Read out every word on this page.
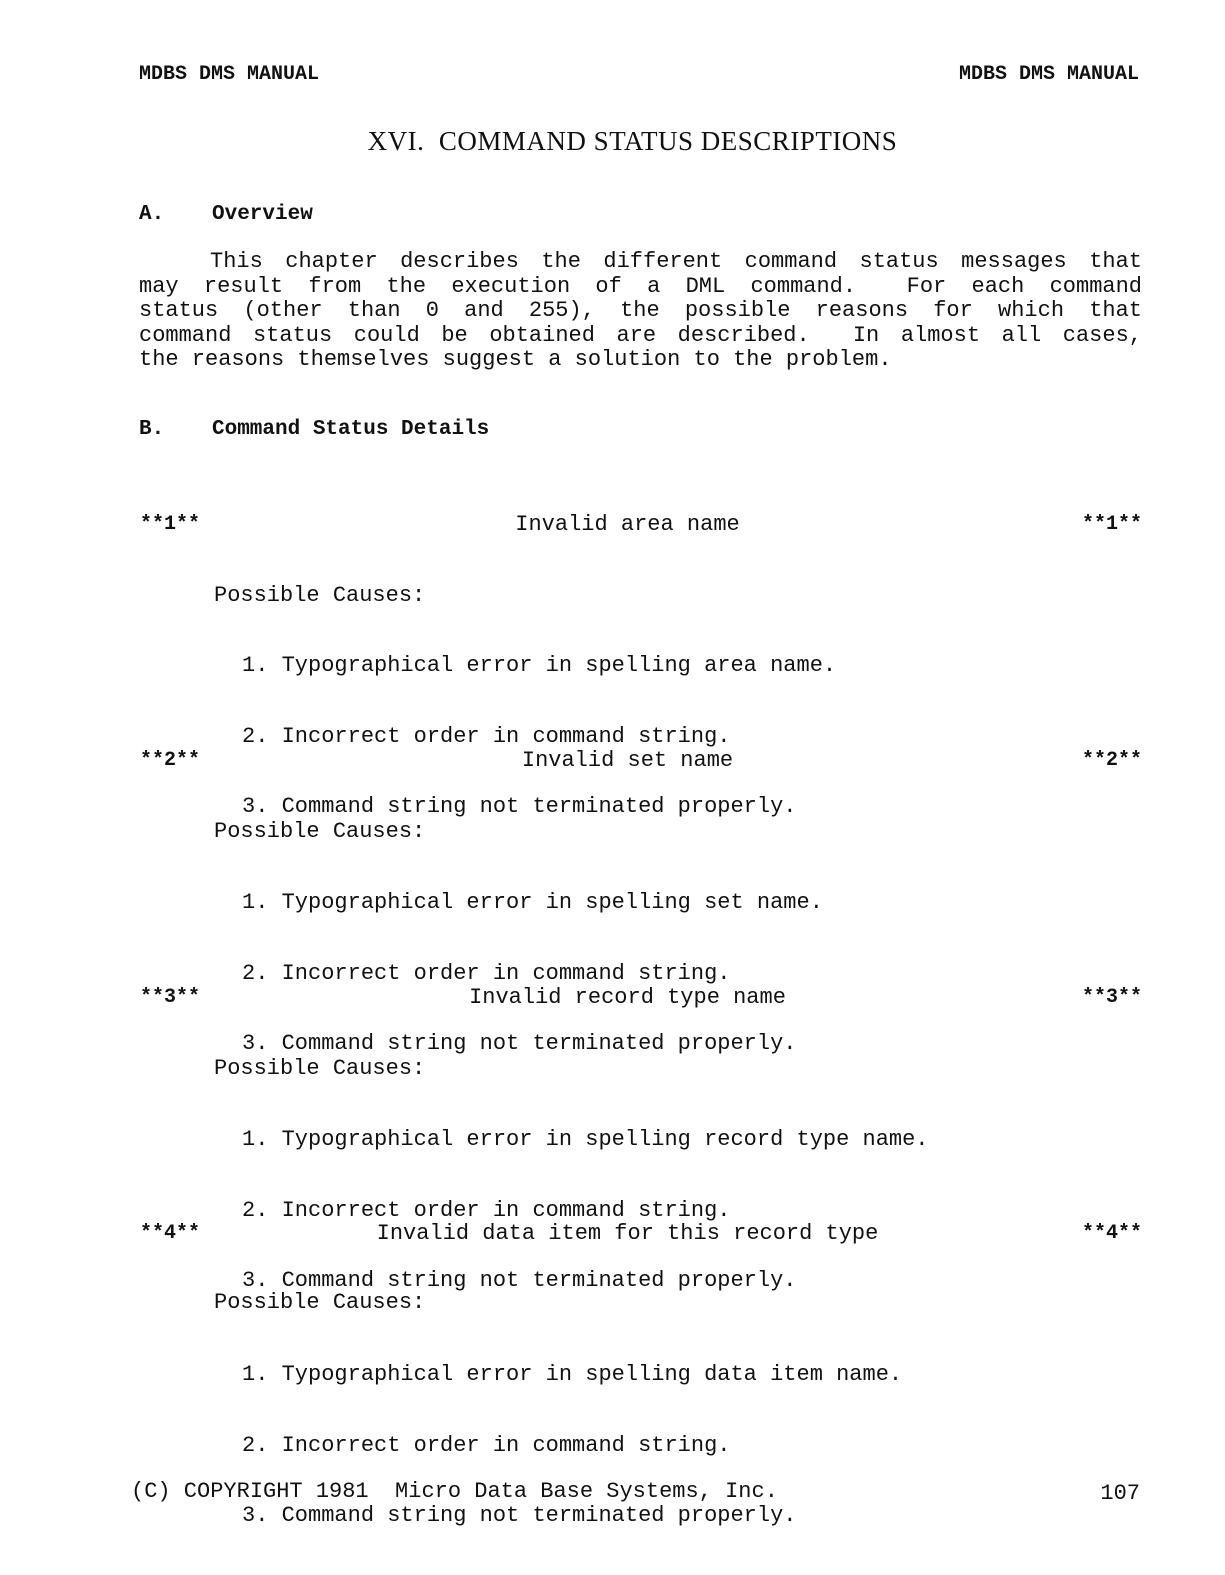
MDBS DMS MANUAL	MDBS DMS MANUAL
XVI.  COMMAND STATUS DESCRIPTIONS
A. Overview
This chapter describes the different command status messages that
may result from the execution of a DML command.  For each command
status (other than 0 and 255), the possible reasons for which that
command status could be obtained are described.  In almost all cases,
the reasons themselves suggest a solution to the problem.
B. Command Status Details
**1**	Invalid area name	**1**
Possible Causes:

1. Typographical error in spelling area name.

2. Incorrect order in command string.

3. Command string not terminated properly.

**2**	Invalid set name	**2**
Possible Causes:

1. Typographical error in spelling set name.

2. Incorrect order in command string.

3. Command string not terminated properly.

**3**	Invalid record type name	**3**
Possible Causes:

1. Typographical error in spelling record type name.

2. Incorrect order in command string.

3. Command string not terminated properly.

**4**	Invalid data item for this record type	**4**
Possible Causes:

1. Typographical error in spelling data item name.

2. Incorrect order in command string.

3. Command string not terminated properly.

(C) COPYRIGHT 1981  Micro Data Base Systems, Inc.	107
